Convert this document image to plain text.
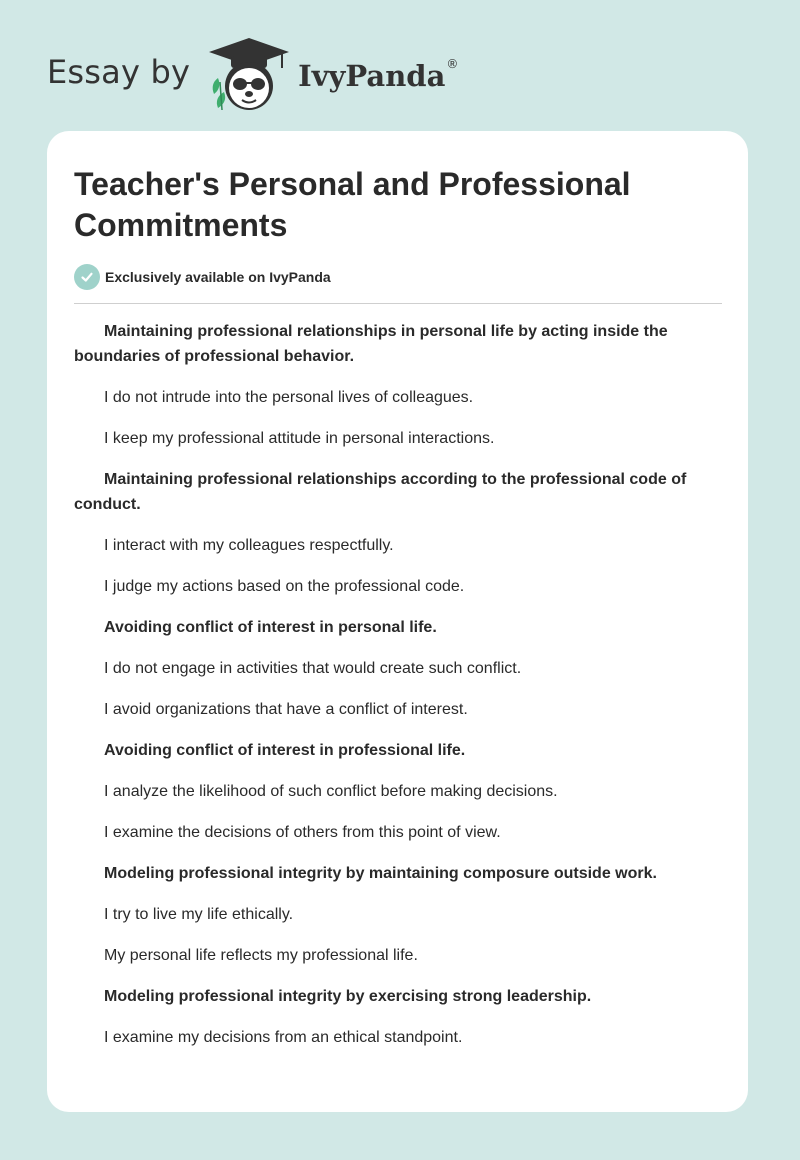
Essay by	IvyPanda ®
Teacher's Personal and Professional Commitments
Exclusively available on IvyPanda

Maintaining professional relationships in personal life by acting inside the boundaries of professional behavior.

I do not intrude into the personal lives of colleagues.

I keep my professional attitude in personal interactions.

Maintaining professional relationships according to the professional code of conduct.

I interact with my colleagues respectfully.

I judge my actions based on the professional code.

Avoiding conflict of interest in personal life.

I do not engage in activities that would create such conflict.

I avoid organizations that have a conflict of interest.

Avoiding conflict of interest in professional life.

I analyze the likelihood of such conflict before making decisions.

I examine the decisions of others from this point of view.

Modeling professional integrity by maintaining composure outside work.

I try to live my life ethically.

My personal life reflects my professional life.

Modeling professional integrity by exercising strong leadership.

I examine my decisions from an ethical standpoint.
